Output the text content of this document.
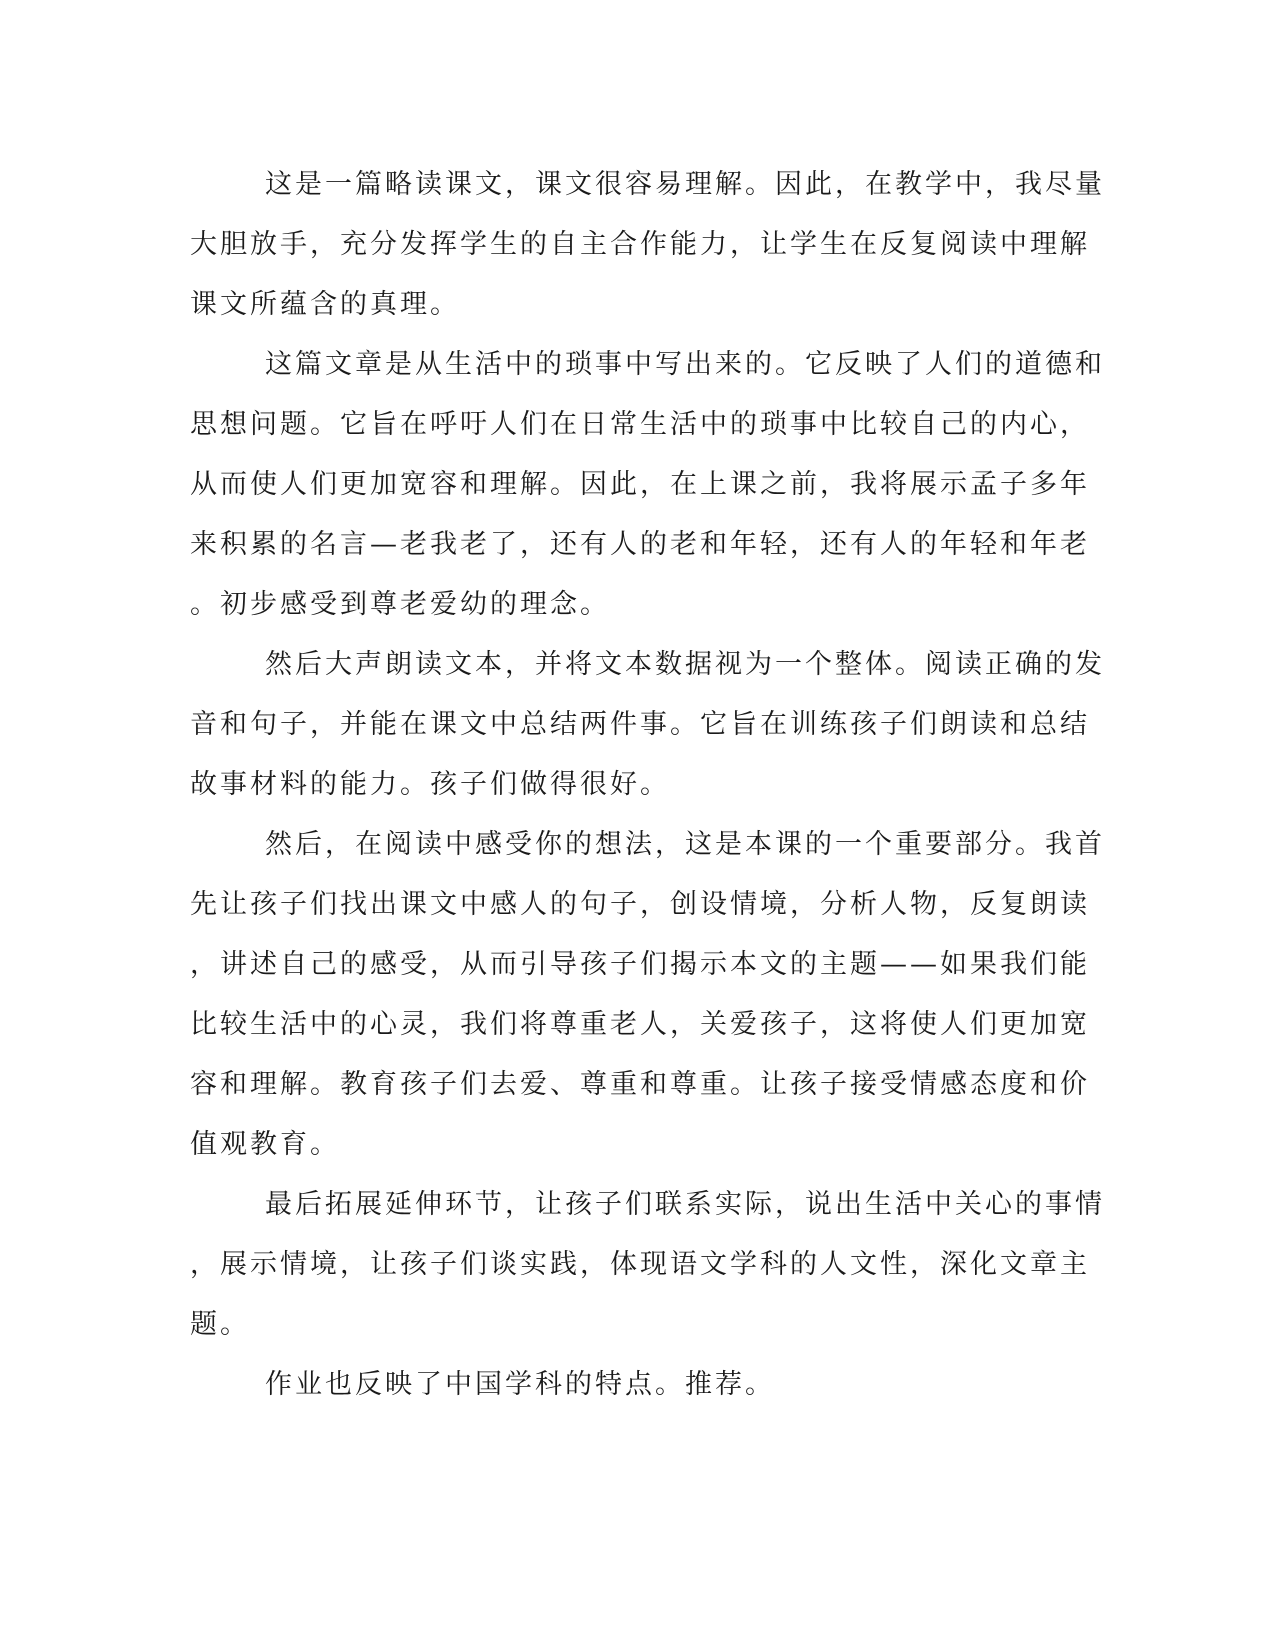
这是一篇略读课文，课文很容易理解。因此，在教学中，我尽量
大胆放手，充分发挥学生的自主合作能力，让学生在反复阅读中理解
课文所蕴含的真理。
这篇文章是从生活中的琐事中写出来的。它反映了人们的道德和
思想问题。它旨在呼吁人们在日常生活中的琐事中比较自己的内心，
从而使人们更加宽容和理解。因此，在上课之前，我将展示孟子多年
来积累的名言—老我老了，还有人的老和年轻，还有人的年轻和年老
。初步感受到尊老爱幼的理念。
然后大声朗读文本，并将文本数据视为一个整体。阅读正确的发
音和句子，并能在课文中总结两件事。它旨在训练孩子们朗读和总结
故事材料的能力。孩子们做得很好。
然后，在阅读中感受你的想法，这是本课的一个重要部分。我首
先让孩子们找出课文中感人的句子，创设情境，分析人物，反复朗读
，讲述自己的感受，从而引导孩子们揭示本文的主题——如果我们能
比较生活中的心灵，我们将尊重老人，关爱孩子，这将使人们更加宽
容和理解。教育孩子们去爱、尊重和尊重。让孩子接受情感态度和价
值观教育。
最后拓展延伸环节，让孩子们联系实际，说出生活中关心的事情
，展示情境，让孩子们谈实践，体现语文学科的人文性，深化文章主
题。
作业也反映了中国学科的特点。推荐。
